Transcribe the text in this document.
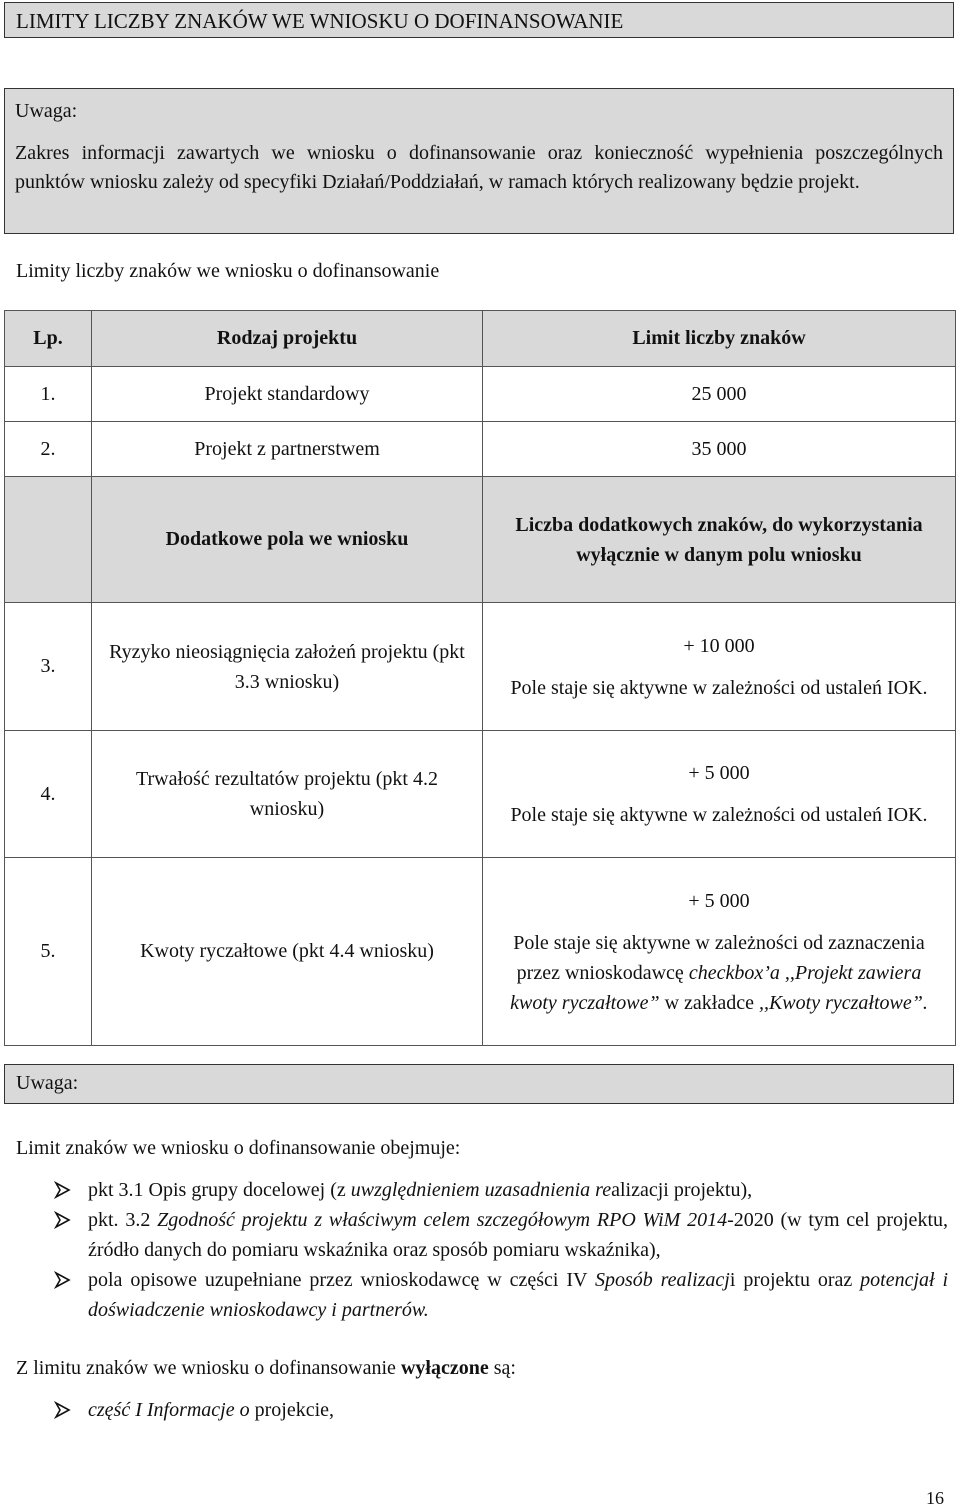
LIMITY LICZBY ZNAKÓW WE WNIOSKU O DOFINANSOWANIE
Uwaga:
Zakres informacji zawartych we wniosku o dofinansowanie oraz konieczność wypełnienia poszczególnych punktów wniosku zależy od specyfiki Działań/Poddziałań, w ramach których realizowany będzie projekt.
Limity liczby znaków we wniosku o dofinansowanie
Lp.	Rodzaj projektu	Limit liczby znaków
1.	Projekt standardowy	25 000
2.	Projekt z partnerstwem	35 000
	Dodatkowe pola we wniosku	Liczba dodatkowych znaków, do wykorzystania wyłącznie w danym polu wniosku
3.	Ryzyko nieosiągnięcia założeń projektu (pkt 3.3 wniosku)	+ 10 000
Pole staje się aktywne w zależności od ustaleń IOK.

4.	Trwałość rezultatów projektu (pkt 4.2 wniosku)	+ 5 000
Pole staje się aktywne w zależności od ustaleń IOK.

5.	Kwoty ryczałtowe (pkt 4.4 wniosku)	+ 5 000
Pole staje się aktywne w zależności od zaznaczenia przez wnioskodawcę checkbox’a ,,Projekt zawiera kwoty ryczałtowe” w zakładce ,,Kwoty ryczałtowe”.
Uwaga:
Limit znaków we wniosku o dofinansowanie obejmuje:
pkt 3.1 Opis grupy docelowej (z uwzględnieniem uzasadnienia realizacji projektu),
pkt. 3.2 Zgodność projektu z właściwym celem szczegółowym RPO WiM 2014-2020 (w tym cel projektu, źródło danych do pomiaru wskaźnika oraz sposób pomiaru wskaźnika),
pola opisowe uzupełniane przez wnioskodawcę w części IV Sposób realizacji projektu oraz potencjał i doświadczenie wnioskodawcy i partnerów.
Z limitu znaków we wniosku o dofinansowanie wyłączone są:
część I Informacje o projekcie,
16
